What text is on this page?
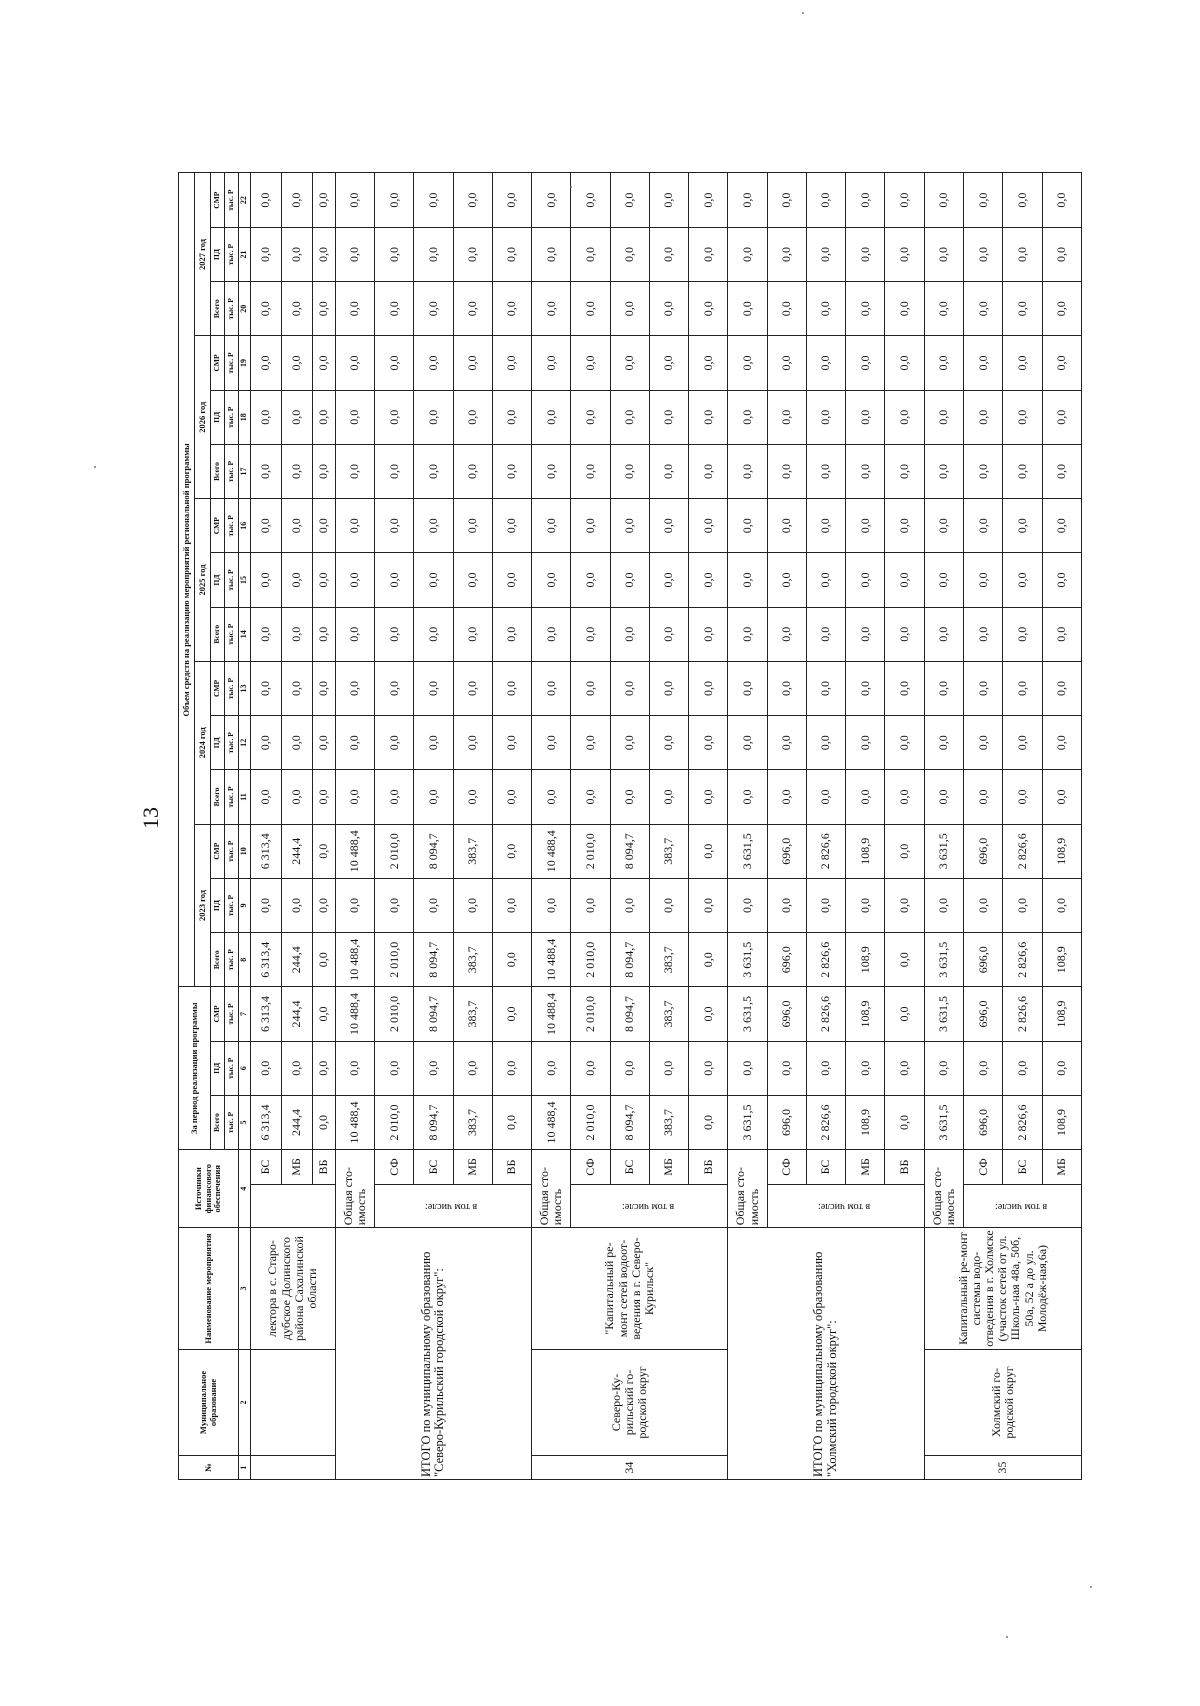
13
№	Муниципальное образование	Наименование мероприятия	Источники финансового обеспечения		За период реализации программы			Объем средств на реализацию мероприятий региональной программы														
								2023 год			2024 год			2025 год			2026 год			2027 год		
					Всего	ПД	СМР	Всего	ПД	СМР	Всего	ПД	СМР	Всего	ПД	СМР	Всего	ПД	СМР	Всего	ПД	СМР
					тыс. Р	тыс. Р	тыс. Р	тыс. Р	тыс. Р	тыс. Р	тыс. Р	тыс. Р	тыс. Р	тыс. Р	тыс. Р	тыс. Р	тыс. Р	тыс. Р	тыс. Р	тыс. Р	тыс. Р	тыс. Р
1	2	3	4		5	6	7	8	9	10	11	12	13	14	15	16	17	18	19	20	21	22
		лектора в с. Старо-дубское Долинского района Сахалинской области		БС	6 313,4	0,0	6 313,4	6 313,4	0,0	6 313,4	0,0	0,0	0,0	0,0	0,0	0,0	0,0	0,0	0,0	0,0	0,0	0,0
				МБ	244,4	0,0	244,4	244,4	0,0	244,4	0,0	0,0	0,0	0,0	0,0	0,0	0,0	0,0	0,0	0,0	0,0	0,0
				ВБ	0,0	0,0	0,0	0,0	0,0	0,0	0,0	0,0	0,0	0,0	0,0	0,0	0,0	0,0	0,0	0,0	0,0	0,0
ИТОГО по муниципальному образованию "Северо-Курильский городской округ":			Общая сто-имость		10 488,4	0,0	10 488,4	10 488,4	0,0	10 488,4	0,0	0,0	0,0	0,0	0,0	0,0	0,0	0,0	0,0	0,0	0,0	0,0
			в том числе:	СФ	2 010,0	0,0	2 010,0	2 010,0	0,0	2 010,0	0,0	0,0	0,0	0,0	0,0	0,0	0,0	0,0	0,0	0,0	0,0	0,0
				БС	8 094,7	0,0	8 094,7	8 094,7	0,0	8 094,7	0,0	0,0	0,0	0,0	0,0	0,0	0,0	0,0	0,0	0,0	0,0	0,0
				МБ	383,7	0,0	383,7	383,7	0,0	383,7	0,0	0,0	0,0	0,0	0,0	0,0	0,0	0,0	0,0	0,0	0,0	0,0
				ВБ	0,0	0,0	0,0	0,0	0,0	0,0	0,0	0,0	0,0	0,0	0,0	0,0	0,0	0,0	0,0	0,0	0,0	0,0
34	Северо-Ку-рильский го-родской округ	"Капитальный ре-монт сетей водоот-ведения в г. Северо-Курильск"	Общая сто-имость		10 488,4	0,0	10 488,4	10 488,4	0,0	10 488,4	0,0	0,0	0,0	0,0	0,0	0,0	0,0	0,0	0,0	0,0	0,0	0,0
			в том числе:	СФ	2 010,0	0,0	2 010,0	2 010,0	0,0	2 010,0	0,0	0,0	0,0	0,0	0,0	0,0	0,0	0,0	0,0	0,0	0,0	0,0
				БС	8 094,7	0,0	8 094,7	8 094,7	0,0	8 094,7	0,0	0,0	0,0	0,0	0,0	0,0	0,0	0,0	0,0	0,0	0,0	0,0
				МБ	383,7	0,0	383,7	383,7	0,0	383,7	0,0	0,0	0,0	0,0	0,0	0,0	0,0	0,0	0,0	0,0	0,0	0,0
				ВБ	0,0	0,0	0,0	0,0	0,0	0,0	0,0	0,0	0,0	0,0	0,0	0,0	0,0	0,0	0,0	0,0	0,0	0,0
ИТОГО по муниципальному образованию "Холмский городской округ":			Общая сто-имость		3 631,5	0,0	3 631,5	3 631,5	0,0	3 631,5	0,0	0,0	0,0	0,0	0,0	0,0	0,0	0,0	0,0	0,0	0,0	0,0
			в том числе:	СФ	696,0	0,0	696,0	696,0	0,0	696,0	0,0	0,0	0,0	0,0	0,0	0,0	0,0	0,0	0,0	0,0	0,0	0,0
				БС	2 826,6	0,0	2 826,6	2 826,6	0,0	2 826,6	0,0	0,0	0,0	0,0	0,0	0,0	0,0	0,0	0,0	0,0	0,0	0,0
				МБ	108,9	0,0	108,9	108,9	0,0	108,9	0,0	0,0	0,0	0,0	0,0	0,0	0,0	0,0	0,0	0,0	0,0	0,0
				ВБ	0,0	0,0	0,0	0,0	0,0	0,0	0,0	0,0	0,0	0,0	0,0	0,0	0,0	0,0	0,0	0,0	0,0	0,0
35	Холмский го-родской округ	Капитальный ре-монт системы водо-отведения в г. Холмске (участок сетей от ул. Школь-ная 48а, 50б, 50а, 52 а до ул. Молодёж-ная,6а)	Общая сто-имость		3 631,5	0,0	3 631,5	3 631,5	0,0	3 631,5	0,0	0,0	0,0	0,0	0,0	0,0	0,0	0,0	0,0	0,0	0,0	0,0
			в том числе:	СФ	696,0	0,0	696,0	696,0	0,0	696,0	0,0	0,0	0,0	0,0	0,0	0,0	0,0	0,0	0,0	0,0	0,0	0,0
				БС	2 826,6	0,0	2 826,6	2 826,6	0,0	2 826,6	0,0	0,0	0,0	0,0	0,0	0,0	0,0	0,0	0,0	0,0	0,0	0,0
				МБ	108,9	0,0	108,9	108,9	0,0	108,9	0,0	0,0	0,0	0,0	0,0	0,0	0,0	0,0	0,0	0,0	0,0	0,0
